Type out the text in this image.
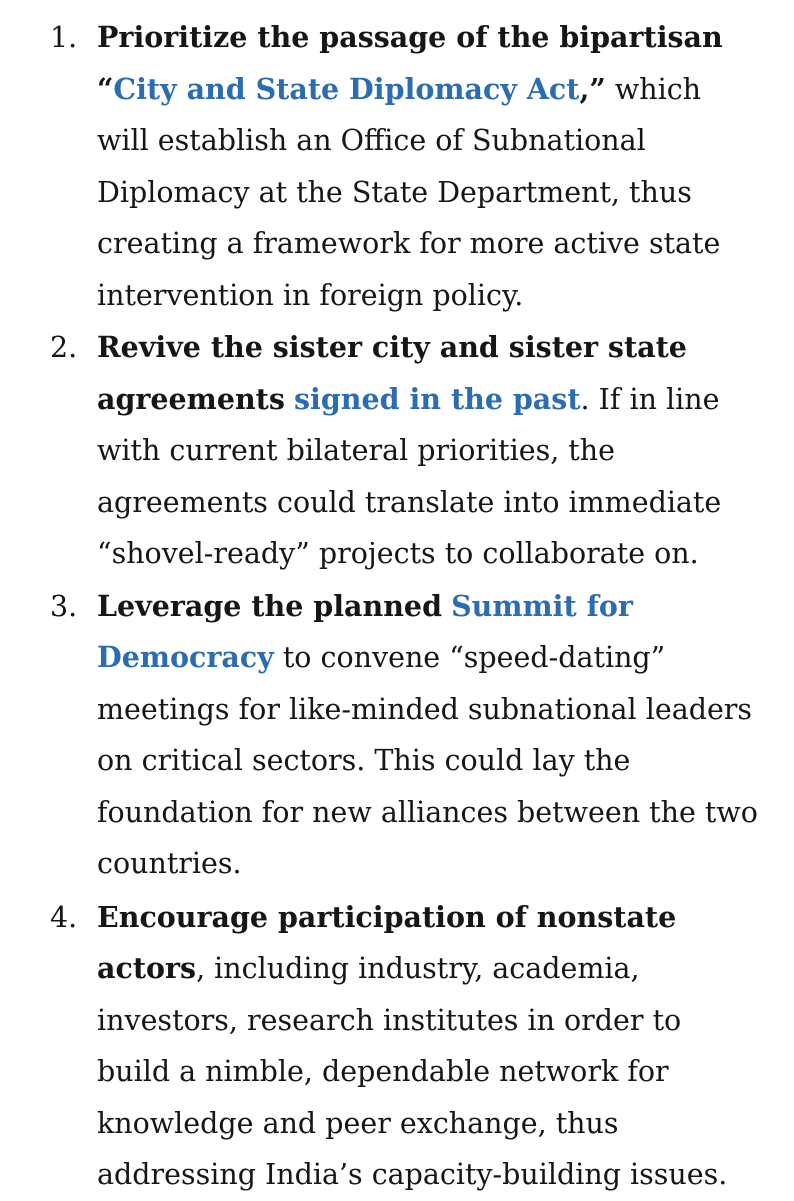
1. Prioritize the passage of the bipartisan “City and State Diplomacy Act,” which will establish an Office of Subnational Diplomacy at the State Department, thus creating a framework for more active state intervention in foreign policy.
2. Revive the sister city and sister state agreements signed in the past. If in line with current bilateral priorities, the agreements could translate into immediate “shovel-ready” projects to collaborate on.
3. Leverage the planned Summit for Democracy to convene “speed-dating” meetings for like-minded subnational leaders on critical sectors. This could lay the foundation for new alliances between the two countries.
4. Encourage participation of nonstate actors, including industry, academia, investors, research institutes in order to build a nimble, dependable network for knowledge and peer exchange, thus addressing India’s capacity-building issues.
